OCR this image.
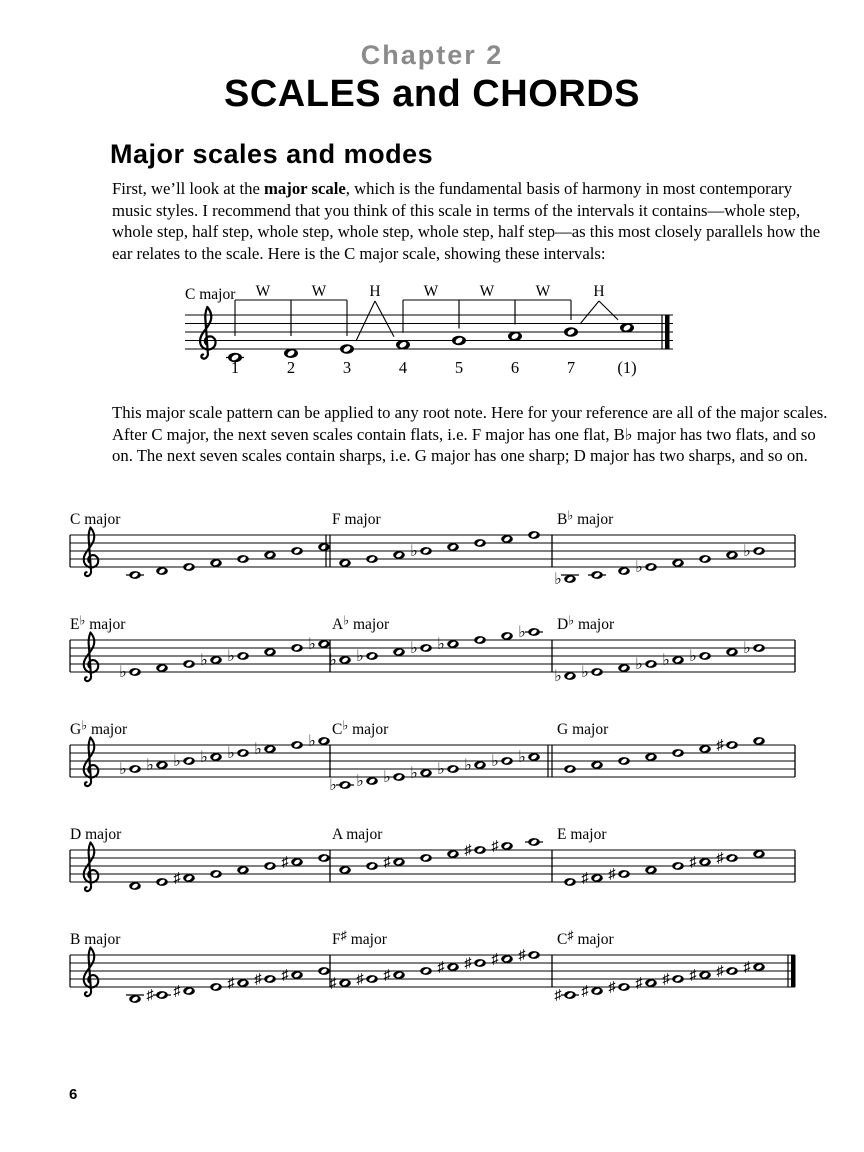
Chapter 2
SCALES and CHORDS
Major scales and modes
First, we’ll look at the major scale, which is the fundamental basis of harmony in most contemporary
music styles. I recommend that you think of this scale in terms of the intervals it contains—whole step,
whole step, half step, whole step, whole step, whole step, half step—as this most closely parallels how the
ear relates to the scale. Here is the C major scale, showing these intervals:
C major W	W	H	W	W	W	H
1	2	3	4	5	6	7	(1)
This major scale pattern can be applied to any root note. Here for your reference are all of the major scales.
After C major, the next seven scales contain flats, i.e. F major has one flat, B♭ major has two flats, and so
on. The next seven scales contain sharps, i.e. G major has one sharp; D major has two sharps, and so on.
C major	F major
♭
B♭ major
♭
♭
♭
E♭ major
♭
♭ ♭
♭
A♭ major
♭ ♭	♭ ♭
♭ D♭ major
♭ ♭	♭ ♭ ♭	♭
G♭ major
♭ ♭ ♭ ♭ ♭ ♭	♭
C♭ major
♭ ♭ ♭ ♭ ♭ ♭ ♭ ♭
G major
♯
D major
♯
♯
A major
♯
♯ ♯
E major
♯ ♯
♯ ♯
B major
♯ ♯	♯ ♯ ♯
F♯ major
♯ ♯ ♯	♯ ♯ ♯ ♯
C♯ major
♯ ♯ ♯ ♯ ♯ ♯ ♯ ♯
6
